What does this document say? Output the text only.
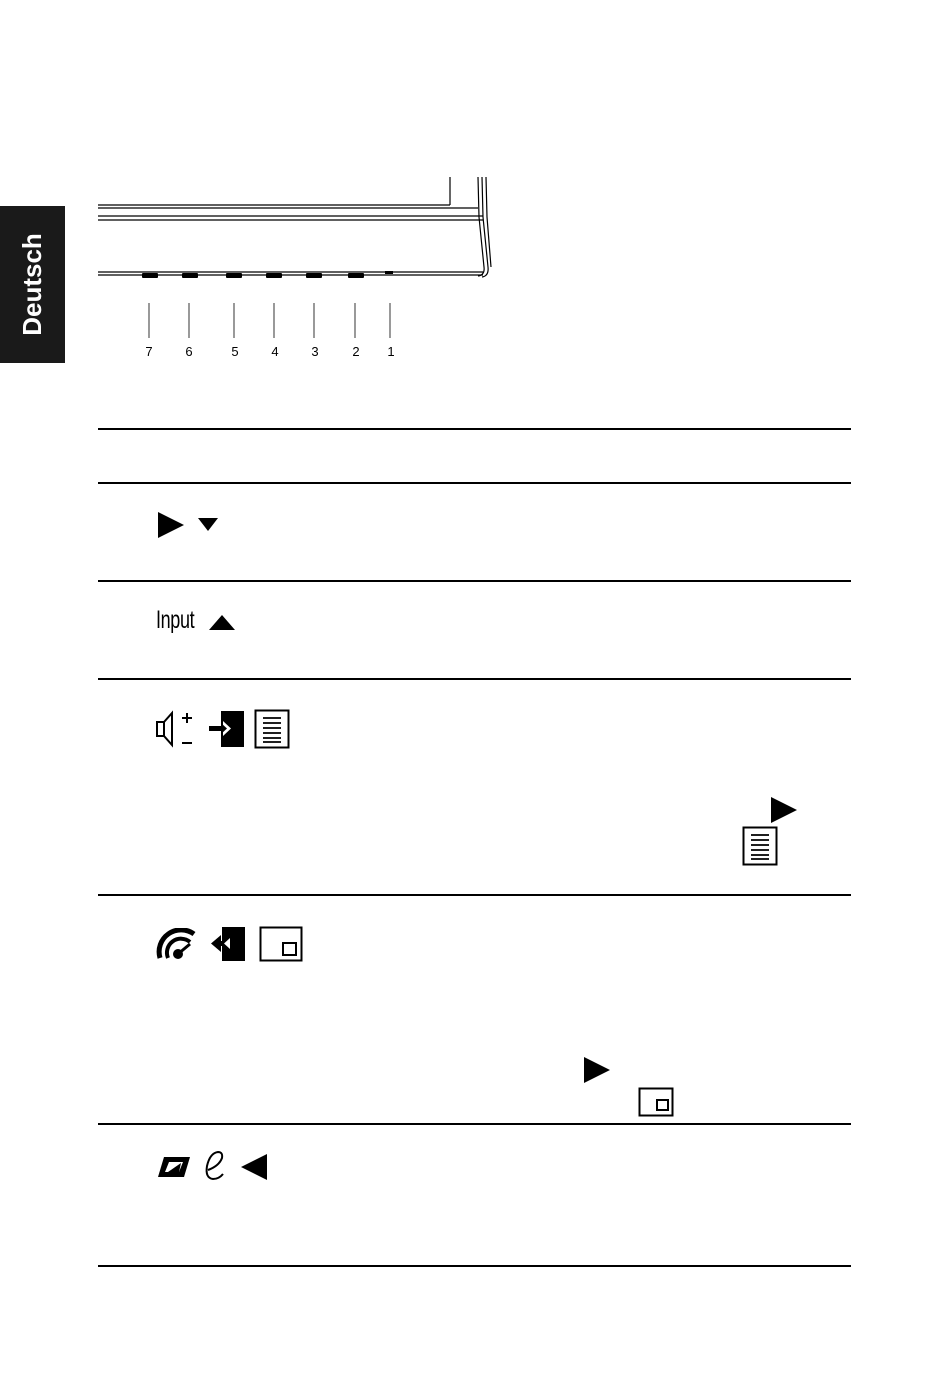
Deutsch
7	6	5	4	3	2	1
Input
